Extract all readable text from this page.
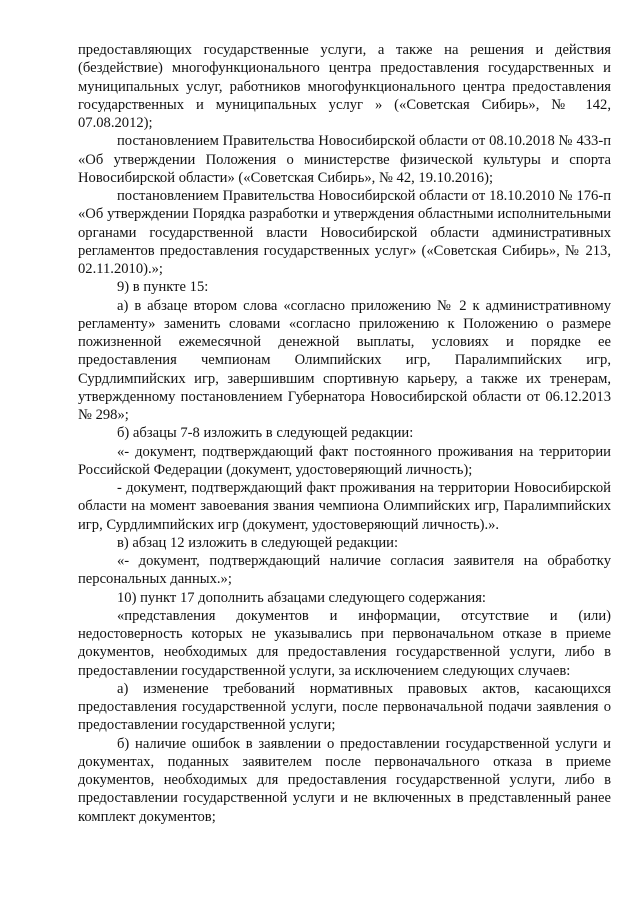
предоставляющих государственные услуги, а также на решения и действия (бездействие) многофункционального центра предоставления государственных и муниципальных услуг, работников многофункционального центра предоставления государственных и муниципальных услуг » («Советская Сибирь», № 142, 07.08.2012);

постановлением Правительства Новосибирской области от 08.10.2018 № 433-п «Об утверждении Положения о министерстве физической культуры и спорта Новосибирской области» («Советская Сибирь», № 42, 19.10.2016);

постановлением Правительства Новосибирской области от 18.10.2010 № 176-п «Об утверждении Порядка разработки и утверждения областными исполнительными органами государственной власти Новосибирской области административных регламентов предоставления государственных услуг» («Советская Сибирь», № 213, 02.11.2010).»;

9) в пункте 15:

а) в абзаце втором слова «согласно приложению № 2 к административному регламенту» заменить словами «согласно приложению к Положению о размере пожизненной ежемесячной денежной выплаты, условиях и порядке ее предоставления чемпионам Олимпийских игр, Паралимпийских игр, Сурдлимпийских игр, завершившим спортивную карьеру, а также их тренерам, утвержденному постановлением Губернатора Новосибирской области от 06.12.2013 № 298»;

б) абзацы 7-8 изложить в следующей редакции:

«- документ, подтверждающий факт постоянного проживания на территории Российской Федерации (документ, удостоверяющий личность);

- документ, подтверждающий факт проживания на территории Новосибирской области на момент завоевания звания чемпиона Олимпийских игр, Паралимпийских игр, Сурдлимпийских игр (документ, удостоверяющий личность).».

в) абзац 12 изложить в следующей редакции:

«- документ, подтверждающий наличие согласия заявителя на обработку персональных данных.»;

10) пункт 17 дополнить абзацами следующего содержания:

«представления документов и информации, отсутствие и (или) недостоверность которых не указывались при первоначальном отказе в приеме документов, необходимых для предоставления государственной услуги, либо в предоставлении государственной услуги, за исключением следующих случаев:

а) изменение требований нормативных правовых актов, касающихся предоставления государственной услуги, после первоначальной подачи заявления о предоставлении государственной услуги;

б) наличие ошибок в заявлении о предоставлении государственной услуги и документах, поданных заявителем после первоначального отказа в приеме документов, необходимых для предоставления государственной услуги, либо в предоставлении государственной услуги и не включенных в представленный ранее комплект документов;
